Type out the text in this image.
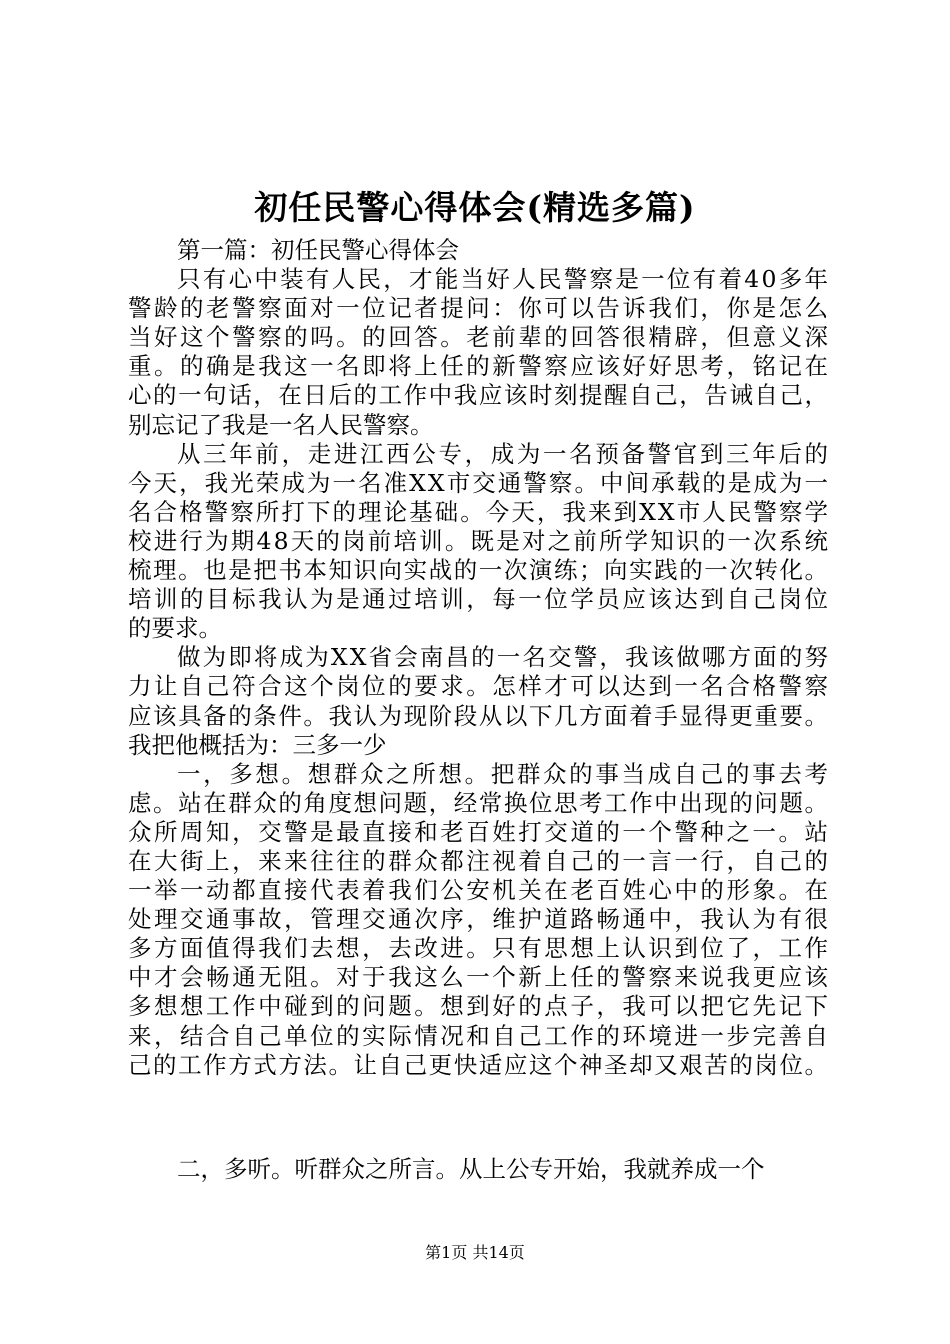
初任民警心得体会(精选多篇)
第一篇：初任民警心得体会
只有心中装有人民，才能当好人民警察是一位有着40多年
警龄的老警察面对一位记者提问：你可以告诉我们，你是怎么
当好这个警察的吗。的回答。老前辈的回答很精辟，但意义深
重。的确是我这一名即将上任的新警察应该好好思考，铭记在
心的一句话，在日后的工作中我应该时刻提醒自己，告诫自己，
别忘记了我是一名人民警察。
从三年前，走进江西公专，成为一名预备警官到三年后的
今天，我光荣成为一名准XX市交通警察。中间承载的是成为一
名合格警察所打下的理论基础。今天，我来到XX市人民警察学
校进行为期48天的岗前培训。既是对之前所学知识的一次系统
梳理。也是把书本知识向实战的一次演练；向实践的一次转化。
培训的目标我认为是通过培训，每一位学员应该达到自己岗位
的要求。
做为即将成为XX省会南昌的一名交警，我该做哪方面的努
力让自己符合这个岗位的要求。怎样才可以达到一名合格警察
应该具备的条件。我认为现阶段从以下几方面着手显得更重要。
我把他概括为：三多一少
一，多想。想群众之所想。把群众的事当成自己的事去考
虑。站在群众的角度想问题，经常换位思考工作中出现的问题。
众所周知，交警是最直接和老百姓打交道的一个警种之一。站
在大街上，来来往往的群众都注视着自己的一言一行，自己的
一举一动都直接代表着我们公安机关在老百姓心中的形象。在
处理交通事故，管理交通次序，维护道路畅通中，我认为有很
多方面值得我们去想，去改进。只有思想上认识到位了，工作
中才会畅通无阻。对于我这么一个新上任的警察来说我更应该
多想想工作中碰到的问题。想到好的点子，我可以把它先记下
来，结合自己单位的实际情况和自己工作的环境进一步完善自
己的工作方式方法。让自己更快适应这个神圣却又艰苦的岗位。
二，多听。听群众之所言。从上公专开始，我就养成一个
第1页 共14页
